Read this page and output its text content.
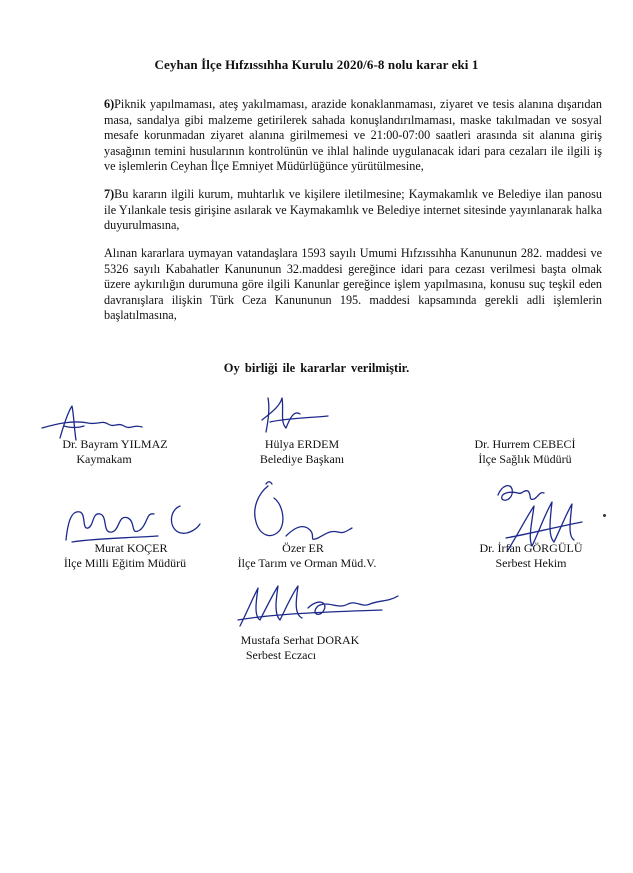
Ceyhan İlçe Hıfzıssıhha Kurulu 2020/6-8 nolu karar eki 1

6)Piknik yapılmaması, ateş yakılmaması, arazide konaklanmaması, ziyaret ve tesis alanına dışarıdan masa, sandalya gibi malzeme getirilerek sahada konuşlandırılmaması, maske takılmadan ve sosyal mesafe korunmadan ziyaret alanına girilmemesi ve 21:00-07:00 saatleri arasında sit alanına giriş yasağının temini husularının kontrolünün ve ihlal halinde uygulanacak idari para cezaları ile ilgili iş ve işlemlerin Ceyhan İlçe Emniyet Müdürlüğünce yürütülmesine,

7)Bu kararın ilgili kurum, muhtarlık ve kişilere iletilmesine; Kaymakamlık ve Belediye ilan panosu ile Yılankale tesis girişine asılarak ve Kaymakamlık ve Belediye internet sitesinde yayınlanarak halka duyurulmasına,

Alınan kararlara uymayan vatandaşlara 1593 sayılı Umumi Hıfzıssıhha Kanununun 282. maddesi ve 5326 sayılı Kabahatler Kanununun 32.maddesi gereğince idari para cezası verilmesi başta olmak üzere aykırılığın durumuna göre ilgili Kanunlar gereğince işlem yapılmasına, konusu suç teşkil eden davranışlara ilişkin Türk Ceza Kanununun 195. maddesi kapsamında gerekli adli işlemlerin başlatılmasına,

Oy birliği ile kararlar verilmiştir.
Dr. Bayram YILMAZ
Kaymakam
Hülya ERDEM
Belediye Başkanı
Dr. Hurrem CEBECİ
İlçe Sağlık Müdürü
Murat KOÇER
İlçe Milli Eğitim Müdürü
Özer ER
İlçe Tarım ve Orman Müd.V.
Dr. İrfan GÖRGÜLÜ
Serbest Hekim
Mustafa Serhat DORAK
Serbest Eczacı
